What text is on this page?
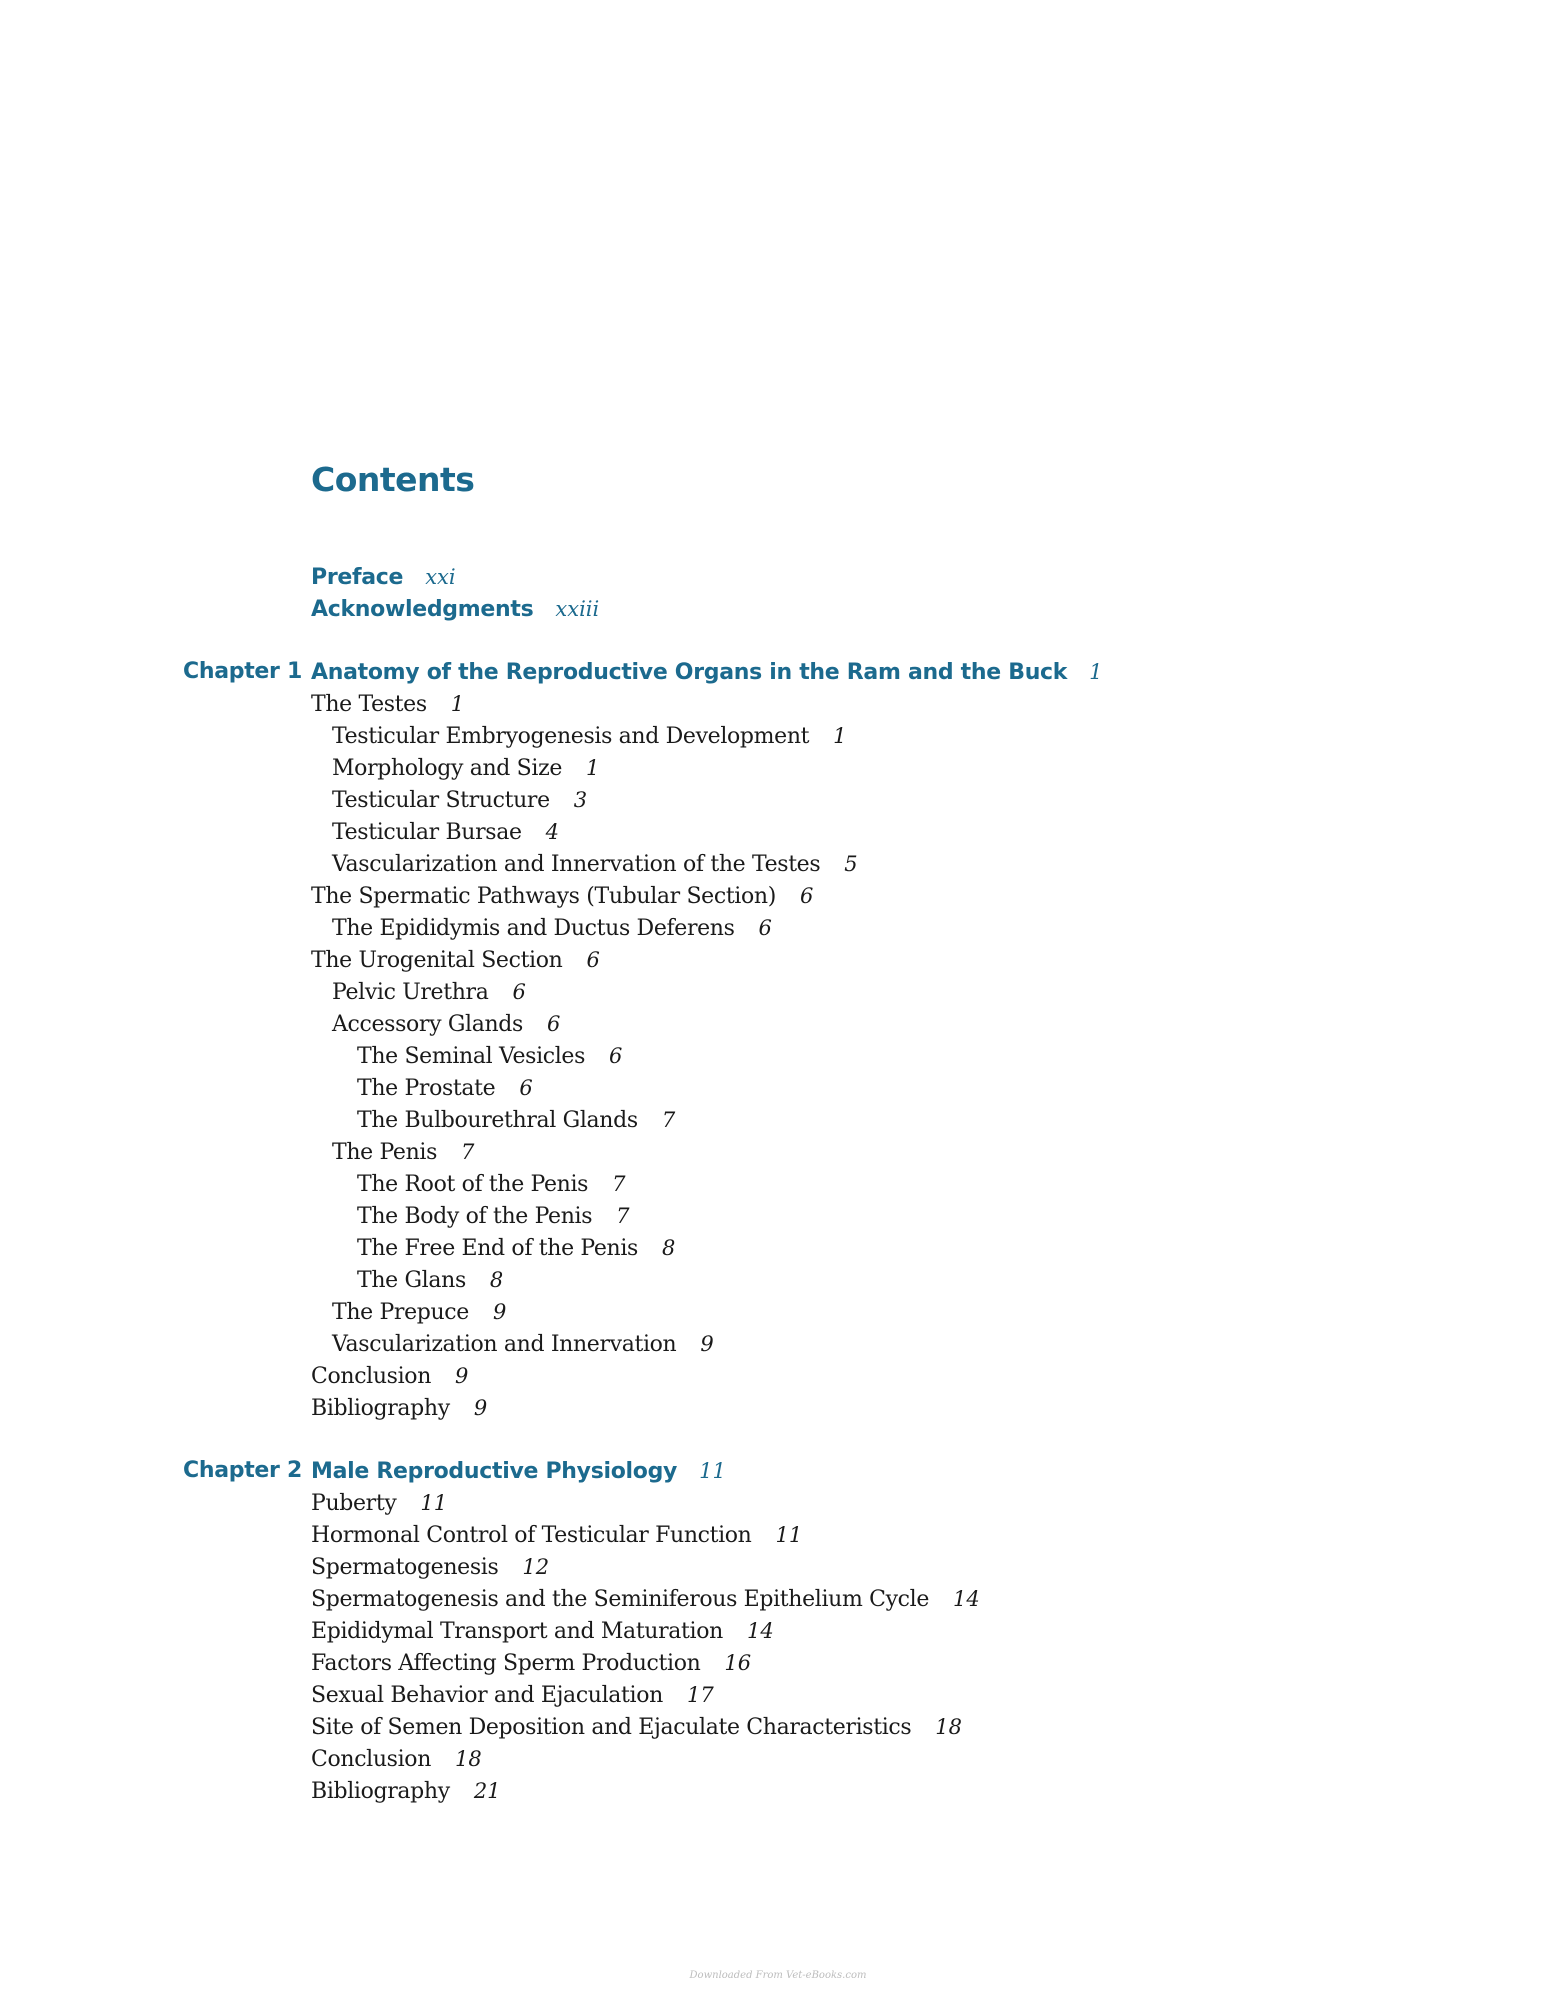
Contents
Preface xxi
Acknowledgments xxiii
Chapter 1 Anatomy of the Reproductive Organs in the Ram and the Buck 1
The Testes 1
Testicular Embryogenesis and Development 1
Morphology and Size 1
Testicular Structure 3
Testicular Bursae 4
Vascularization and Innervation of the Testes 5
The Spermatic Pathways (Tubular Section) 6
The Epididymis and Ductus Deferens 6
The Urogenital Section 6
Pelvic Urethra 6
Accessory Glands 6
The Seminal Vesicles 6
The Prostate 6
The Bulbourethral Glands 7
The Penis 7
The Root of the Penis 7
The Body of the Penis 7
The Free End of the Penis 8
The Glans 8
The Prepuce 9
Vascularization and Innervation 9
Conclusion 9
Bibliography 9
Chapter 2 Male Reproductive Physiology 11
Puberty 11
Hormonal Control of Testicular Function 11
Spermatogenesis 12
Spermatogenesis and the Seminiferous Epithelium Cycle 14
Epididymal Transport and Maturation 14
Factors Affecting Sperm Production 16
Sexual Behavior and Ejaculation 17
Site of Semen Deposition and Ejaculate Characteristics 18
Conclusion 18
Bibliography 21

Downloaded From Vet-eBooks.com
